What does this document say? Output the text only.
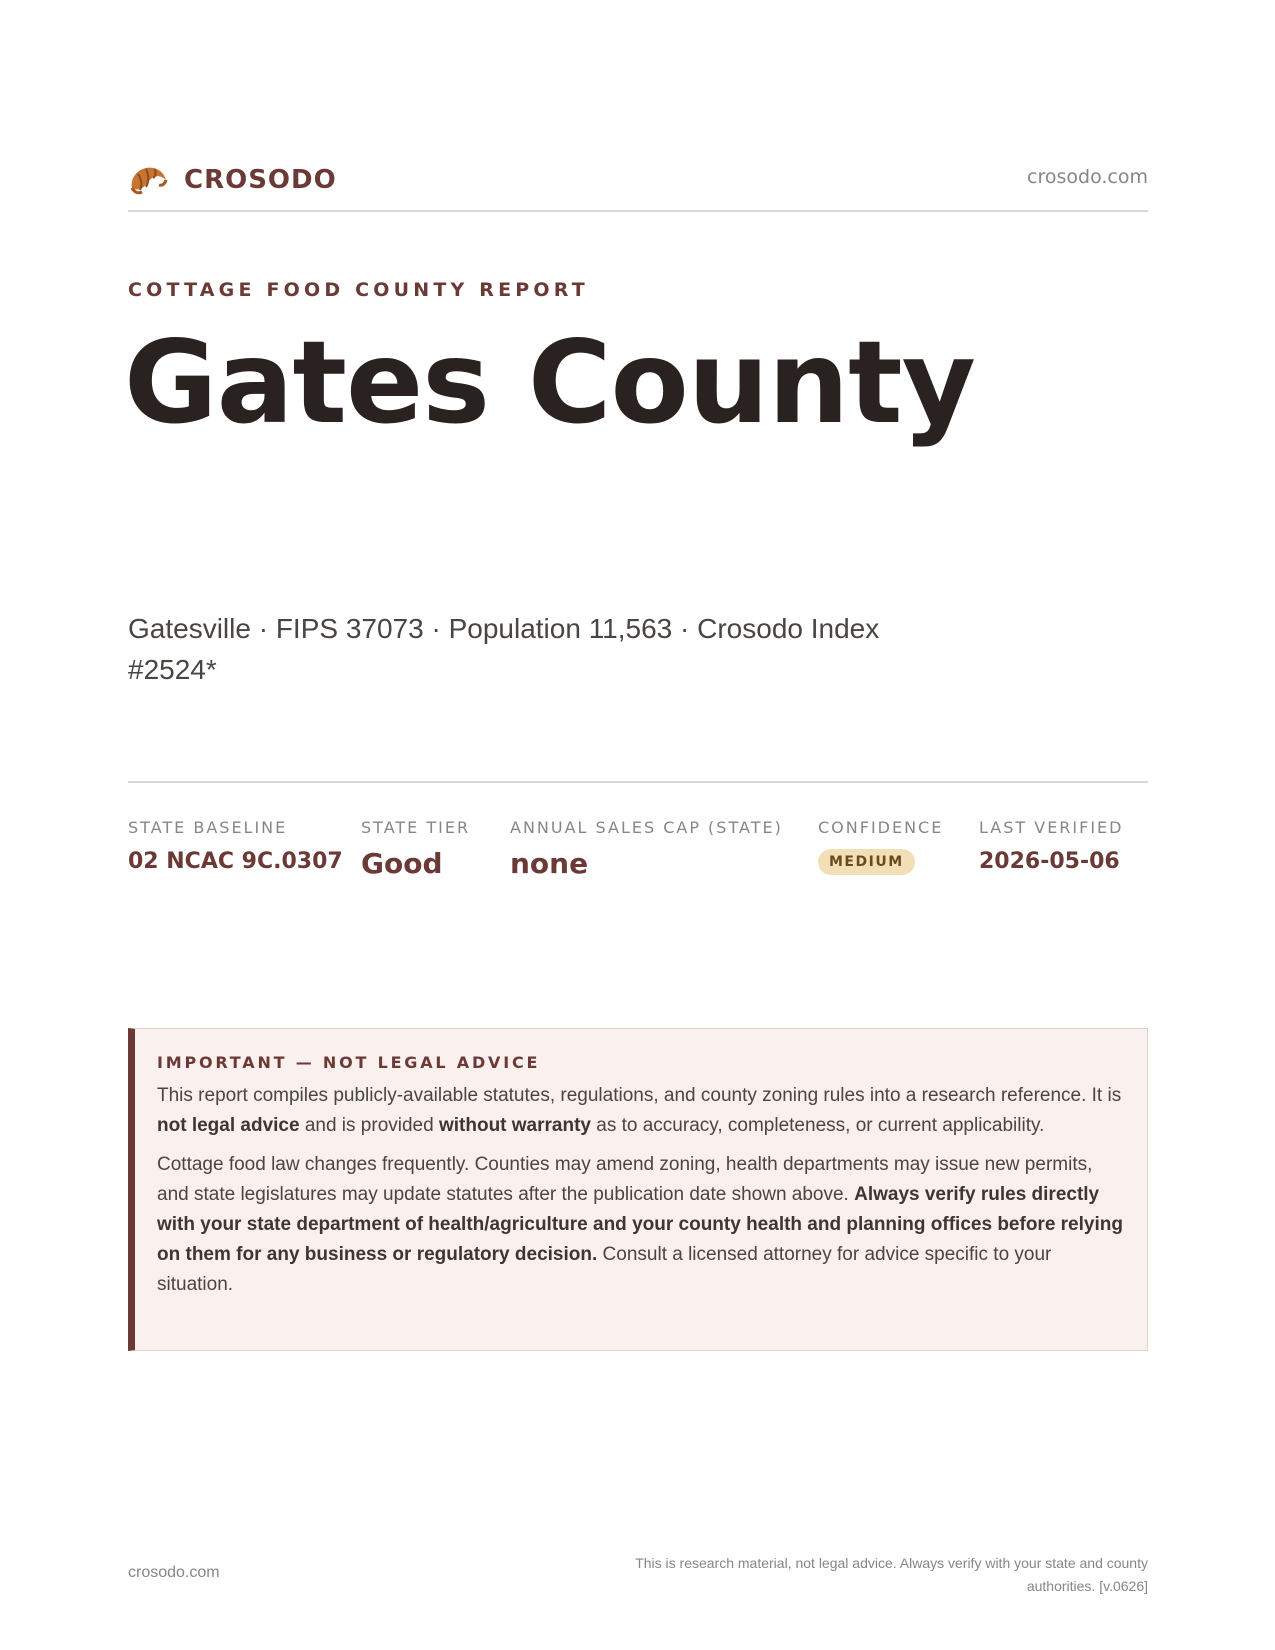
CROSODO	crosodo.com
COTTAGE FOOD COUNTY REPORT
Gates County
Gatesville · FIPS 37073 · Population 11,563 · Crosodo Index #2524*
STATE BASELINE
02 NCAC 9C.0307
STATE TIER
Good
ANNUAL SALES CAP (STATE)
none
CONFIDENCE
MEDIUM
LAST VERIFIED
2026-05-06
IMPORTANT — NOT LEGAL ADVICE

This report compiles publicly-available statutes, regulations, and county zoning rules into a research reference. It is not legal advice and is provided without warranty as to accuracy, completeness, or current applicability.

Cottage food law changes frequently. Counties may amend zoning, health departments may issue new permits, and state legislatures may update statutes after the publication date shown above. Always verify rules directly with your state department of health/agriculture and your county health and planning offices before relying on them for any business or regulatory decision. Consult a licensed attorney for advice specific to your situation.

crosodo.com
This is research material, not legal advice. Always verify with your state and county authorities. [v.0626]
